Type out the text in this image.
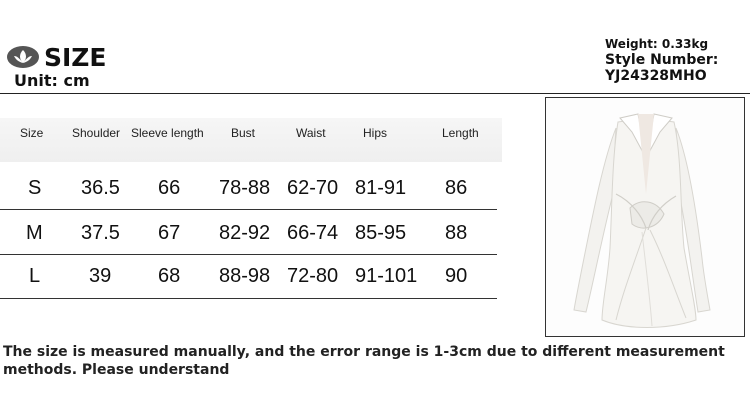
SIZE
Unit: cm
Weight: 0.33kg
Style Number:
YJ24328MHO
Size Shoulder Sleeve length Bust	Waist	Hips	Length
S 36.5 66 78-88 62-70 81-91 86
M 37.5 67 82-92 66-74 85-95 88
L 39 68 88-98 72-80 91-101 90
The size is measured manually, and the error range is 1-3cm due to different measurement methods. Please understand
